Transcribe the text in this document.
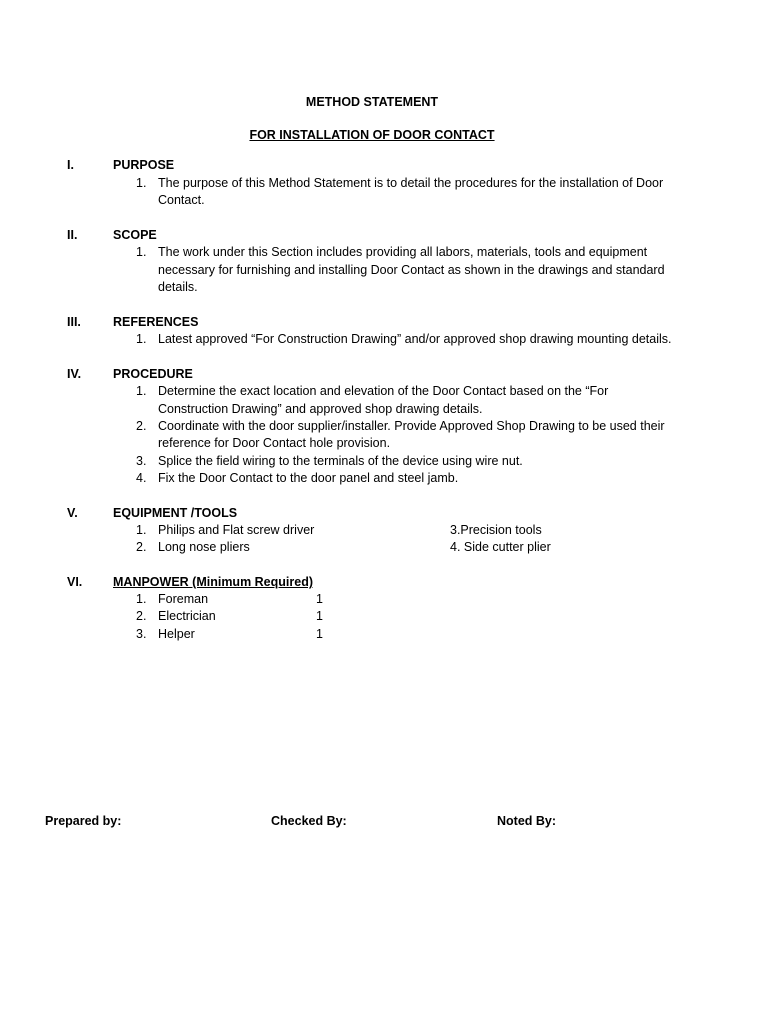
METHOD STATEMENT
FOR INSTALLATION OF DOOR CONTACT
I.	PURPOSE
1. The purpose of this Method Statement is to detail the procedures for the installation of Door
Contact.
II.	SCOPE
1. The work under this Section includes providing all labors, materials, tools and equipment
necessary for furnishing and installing Door Contact as shown in the drawings and standard
details.
III.	REFERENCES
1. Latest approved “For Construction Drawing” and/or approved shop drawing mounting details.
IV.	PROCEDURE
1. Determine the exact location and elevation of the Door Contact based on the “For
Construction Drawing” and approved shop drawing details.
2. Coordinate with the door supplier/installer. Provide Approved Shop Drawing to be used their
reference for Door Contact hole provision.
3. Splice the field wiring to the terminals of the device using wire nut.
4. Fix the Door Contact to the door panel and steel jamb.
V.	EQUIPMENT /TOOLS
1. Philips and Flat screw driver	3.Precision tools
2. Long nose pliers	4. Side cutter plier
VI. MANPOWER (Minimum Required)
1. Foreman	1
2. Electrician	1
3. Helper	1
Prepared by:	Checked By:	Noted By:
